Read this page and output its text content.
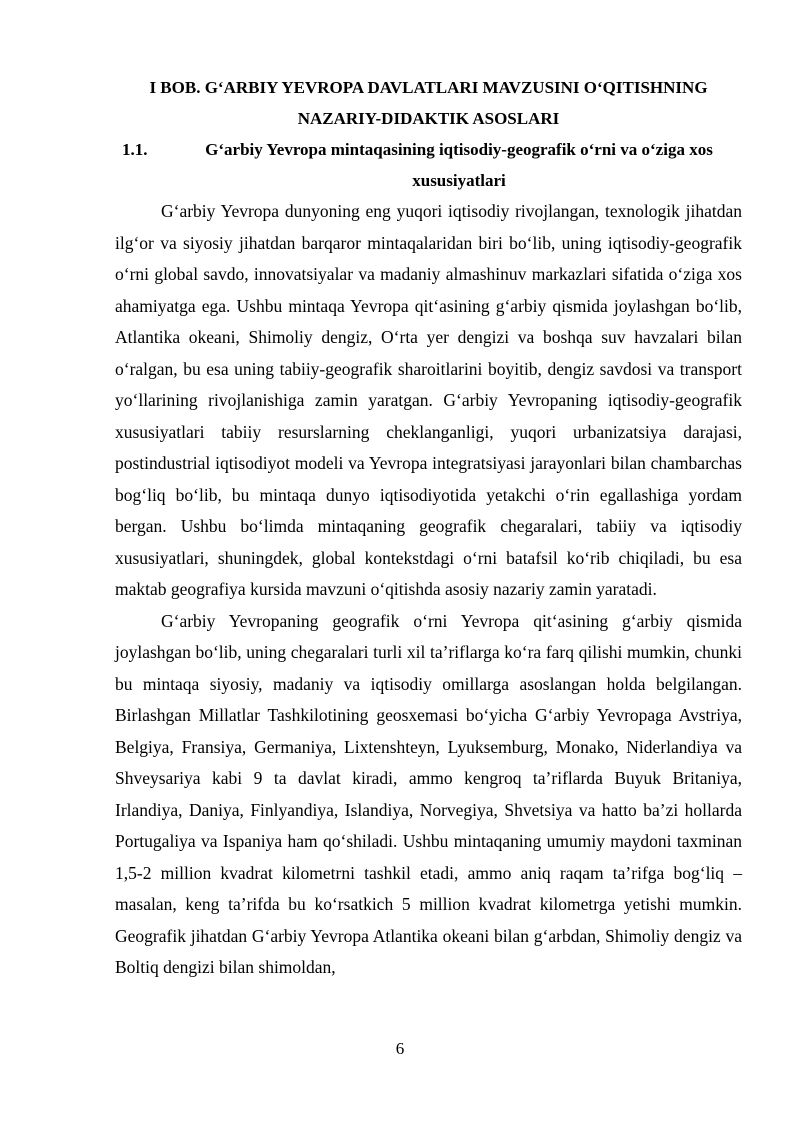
I BOB. G‘ARBIY YEVROPA DAVLATLARI MAVZUSINI O‘QITISHNING
NAZARIY-DIDAKTIK ASOSLARI
1.1.	G‘arbiy Yevropa mintaqasining iqtisodiy-geografik o‘rni va o‘ziga xos xususiyatlari

G‘arbiy Yevropa dunyoning eng yuqori iqtisodiy rivojlangan, texnologik jihatdan ilg‘or va siyosiy jihatdan barqaror mintaqalaridan biri bo‘lib, uning iqtisodiy-geografik o‘rni global savdo, innovatsiyalar va madaniy almashinuv markazlari sifatida o‘ziga xos ahamiyatga ega. Ushbu mintaqa Yevropa qit‘asining g‘arbiy qismida joylashgan bo‘lib, Atlantika okeani, Shimoliy dengiz, O‘rta yer dengizi va boshqa suv havzalari bilan o‘ralgan, bu esa uning tabiiy-geografik sharoitlarini boyitib, dengiz savdosi va transport yo‘llarining rivojlanishiga zamin yaratgan. G‘arbiy Yevropaning iqtisodiy-geografik xususiyatlari tabiiy resurslarning cheklanganligi, yuqori urbanizatsiya darajasi, postindustrial iqtisodiyot modeli va Yevropa integratsiyasi jarayonlari bilan chambarchas bog‘liq bo‘lib, bu mintaqa dunyo iqtisodiyotida yetakchi o‘rin egallashiga yordam bergan. Ushbu bo‘limda mintaqaning geografik chegaralari, tabiiy va iqtisodiy xususiyatlari, shuningdek, global kontekstdagi o‘rni batafsil ko‘rib chiqiladi, bu esa maktab geografiya kursida mavzuni o‘qitishda asosiy nazariy zamin yaratadi.

G‘arbiy Yevropaning geografik o‘rni Yevropa qit‘asining g‘arbiy qismida joylashgan bo‘lib, uning chegaralari turli xil ta’riflarga ko‘ra farq qilishi mumkin, chunki bu mintaqa siyosiy, madaniy va iqtisodiy omillarga asoslangan holda belgilangan. Birlashgan Millatlar Tashkilotining geosxemasi bo‘yicha G‘arbiy Yevropaga Avstriya, Belgiya, Fransiya, Germaniya, Lixtenshteyn, Lyuksemburg, Monako, Niderlandiya va Shveysariya kabi 9 ta davlat kiradi, ammo kengroq ta’riflarda Buyuk Britaniya, Irlandiya, Daniya, Finlyandiya, Islandiya, Norvegiya, Shvetsiya va hatto ba’zi hollarda Portugaliya va Ispaniya ham qo‘shiladi. Ushbu mintaqaning umumiy maydoni taxminan 1,5-2 million kvadrat kilometrni tashkil etadi, ammo aniq raqam ta’rifga bog‘liq – masalan, keng ta’rifda bu ko‘rsatkich 5 million kvadrat kilometrga yetishi mumkin. Geografik jihatdan G‘arbiy Yevropa Atlantika okeani bilan g‘arbdan, Shimoliy dengiz va Boltiq dengizi bilan shimoldan,

6
